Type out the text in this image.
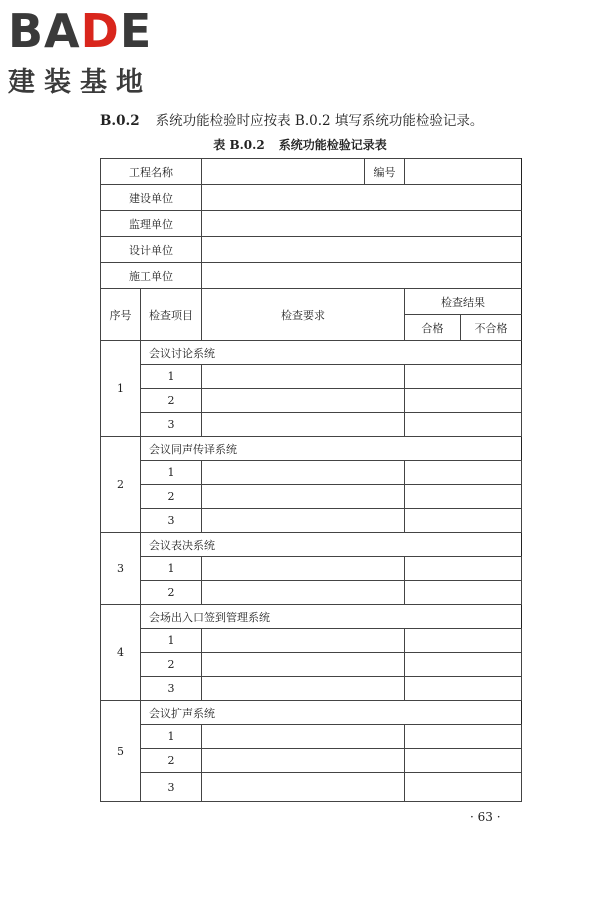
BADE
建装基地
B.0.2 系统功能检验时应按表 B.0.2 填写系统功能检验记录。
表 B.0.2 系统功能检验记录表
工程名称			编号			
建设单位						
监理单位						
设计单位						
施工单位						
序号	检查项目	检查要求		检查结果		
				合格	不合格	
1	会议讨论系统					
	1					
	2					
	3					
2	会议同声传译系统					
	1					
	2					
	3					
3	会议表决系统					
	1					
	2					
4	会场出入口签到管理系统					
	1					
	2					
	3					
5	会议扩声系统					
	1					
	2					
	3					
· 63 ·
